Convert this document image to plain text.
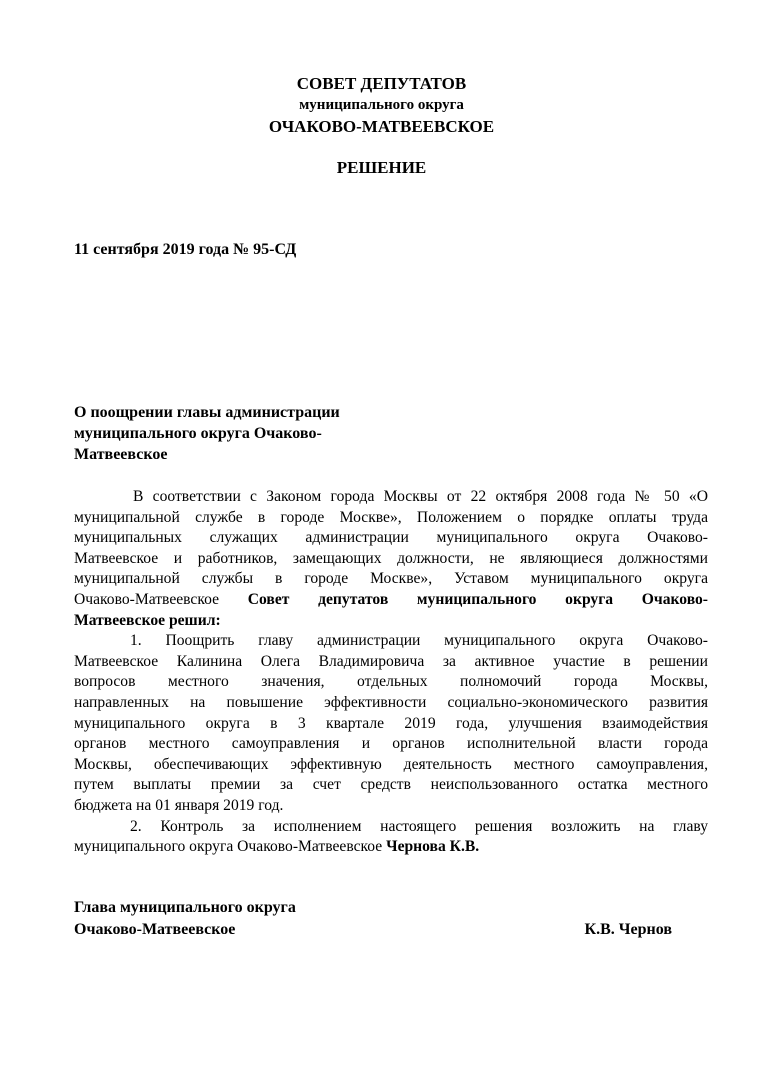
СОВЕТ ДЕПУТАТОВ
муниципального округа
ОЧАКОВО-МАТВЕЕВСКОЕ
РЕШЕНИЕ
11 сентября 2019 года № 95-СД
О поощрении главы администрации
муниципального округа Очаково-
Матвеевское
В соответствии с Законом города Москвы от 22 октября 2008 года № 50 «О
муниципальной службе в городе Москве», Положением о порядке оплаты труда
муниципальных служащих администрации муниципального округа Очаково-
Матвеевское и работников, замещающих должности, не являющиеся должностями
муниципальной службы в городе Москве», Уставом муниципального округа
Очаково-Матвеевское Совет депутатов муниципального округа Очаково-
Матвеевское решил:
1. Поощрить главу администрации муниципального округа Очаково-
Матвеевское Калинина Олега Владимировича за активное участие в решении
вопросов местного значения, отдельных полномочий города Москвы,
направленных на повышение эффективности социально-экономического развития
муниципального округа в 3 квартале 2019 года, улучшения взаимодействия
органов местного самоуправления и органов исполнительной власти города
Москвы, обеспечивающих эффективную деятельность местного самоуправления,
путем выплаты премии за счет средств неиспользованного остатка местного
бюджета на 01 января 2019 год.
2. Контроль за исполнением настоящего решения возложить на главу
муниципального округа Очаково-Матвеевское Чернова К.В.
Глава муниципального округа
Очаково-Матвеевское	К.В. Чернов
